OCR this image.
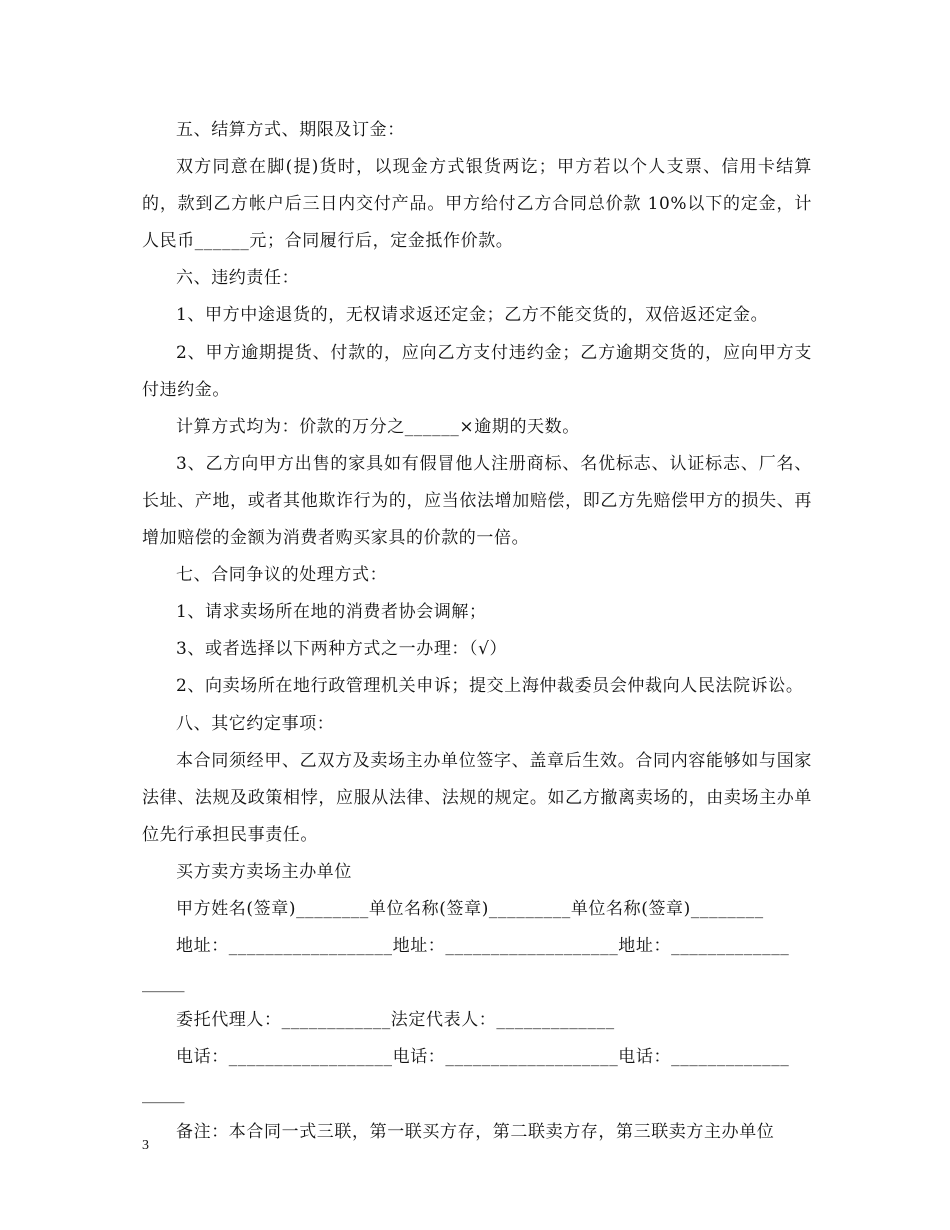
五、结算方式、期限及订金：

双方同意在脚(提)货时，以现金方式银货两讫；甲方若以个人支票、信用卡结算的，款到乙方帐户后三日内交付产品。甲方给付乙方合同总价款 10%以下的定金，计人民币______元；合同履行后，定金抵作价款。

六、违约责任：

1、甲方中途退货的，无权请求返还定金；乙方不能交货的，双倍返还定金。

2、甲方逾期提货、付款的，应向乙方支付违约金；乙方逾期交货的，应向甲方支付违约金。

计算方式均为：价款的万分之______×逾期的天数。

3、乙方向甲方出售的家具如有假冒他人注册商标、名优标志、认证标志、厂名、长址、产地，或者其他欺诈行为的，应当依法增加赔偿，即乙方先赔偿甲方的损失、再增加赔偿的金额为消费者购买家具的价款的一倍。

七、合同争议的处理方式：

1、请求卖场所在地的消费者协会调解；

3、或者选择以下两种方式之一办理：（√）

2、向卖场所在地行政管理机关申诉；提交上海仲裁委员会仲裁向人民法院诉讼。

八、其它约定事项：

本合同须经甲、乙双方及卖场主办单位签字、盖章后生效。合同内容能够如与国家法律、法规及政策相悖，应服从法律、法规的规定。如乙方撤离卖场的，由卖场主办单位先行承担民事责任。

买方卖方卖场主办单位

甲方姓名(签章)________单位名称(签章)_________单位名称(签章)________

地址：__________________地址：___________________地址：_____________
_____

委托代理人：____________法定代表人：_____________

电话：__________________电话：___________________电话：_____________
_____

备注：本合同一式三联，第一联买方存，第二联卖方存，第三联卖方主办单位

3
